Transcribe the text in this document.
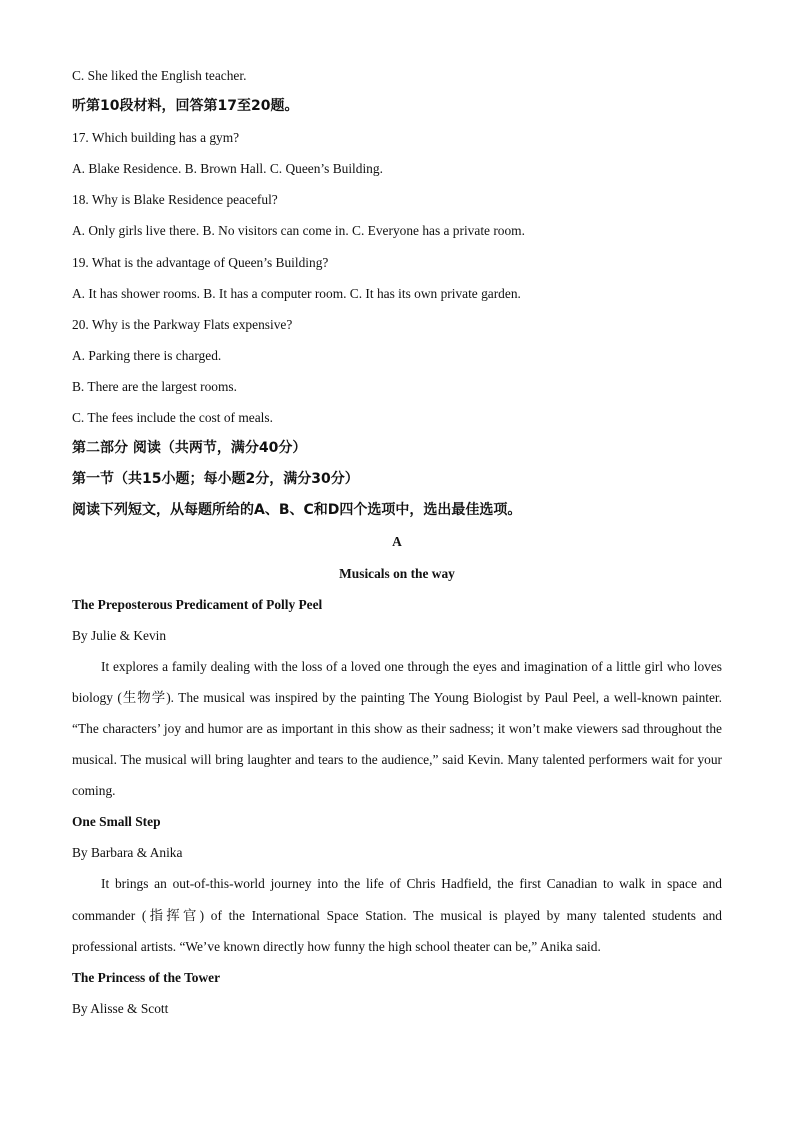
C. She liked the English teacher.
听第10段材料，回答第17至20题。
17. Which building has a gym?
A. Blake Residence. B. Brown Hall. C. Queen’s Building.
18. Why is Blake Residence peaceful?
A. Only girls live there. B. No visitors can come in. C. Everyone has a private room.
19. What is the advantage of Queen’s Building?
A. It has shower rooms. B. It has a computer room. C. It has its own private garden.
20. Why is the Parkway Flats expensive?
A. Parking there is charged.
B. There are the largest rooms.
C. The fees include the cost of meals.
第二部分 阅读（共两节，满分40分）
第一节（共15小题；每小题2分，满分30分）
阅读下列短文，从每题所给的A、B、C和D四个选项中，选出最佳选项。
A
Musicals on the way
The Preposterous Predicament of Polly Peel
By Julie & Kevin

It explores a family dealing with the loss of a loved one through the eyes and imagination of a little girl who loves biology (生物学). The musical was inspired by the painting The Young Biologist by Paul Peel, a well-known painter. “The characters’ joy and humor are as important in this show as their sadness; it won’t make viewers sad throughout the musical. The musical will bring laughter and tears to the audience,” said Kevin. Many talented performers wait for your coming.

One Small Step
By Barbara & Anika

It brings an out-of-this-world journey into the life of Chris Hadfield, the first Canadian to walk in space and commander (指挥官) of the International Space Station. The musical is played by many talented students and professional artists. “We’ve known directly how funny the high school theater can be,” Anika said.

The Princess of the Tower
By Alisse & Scott
